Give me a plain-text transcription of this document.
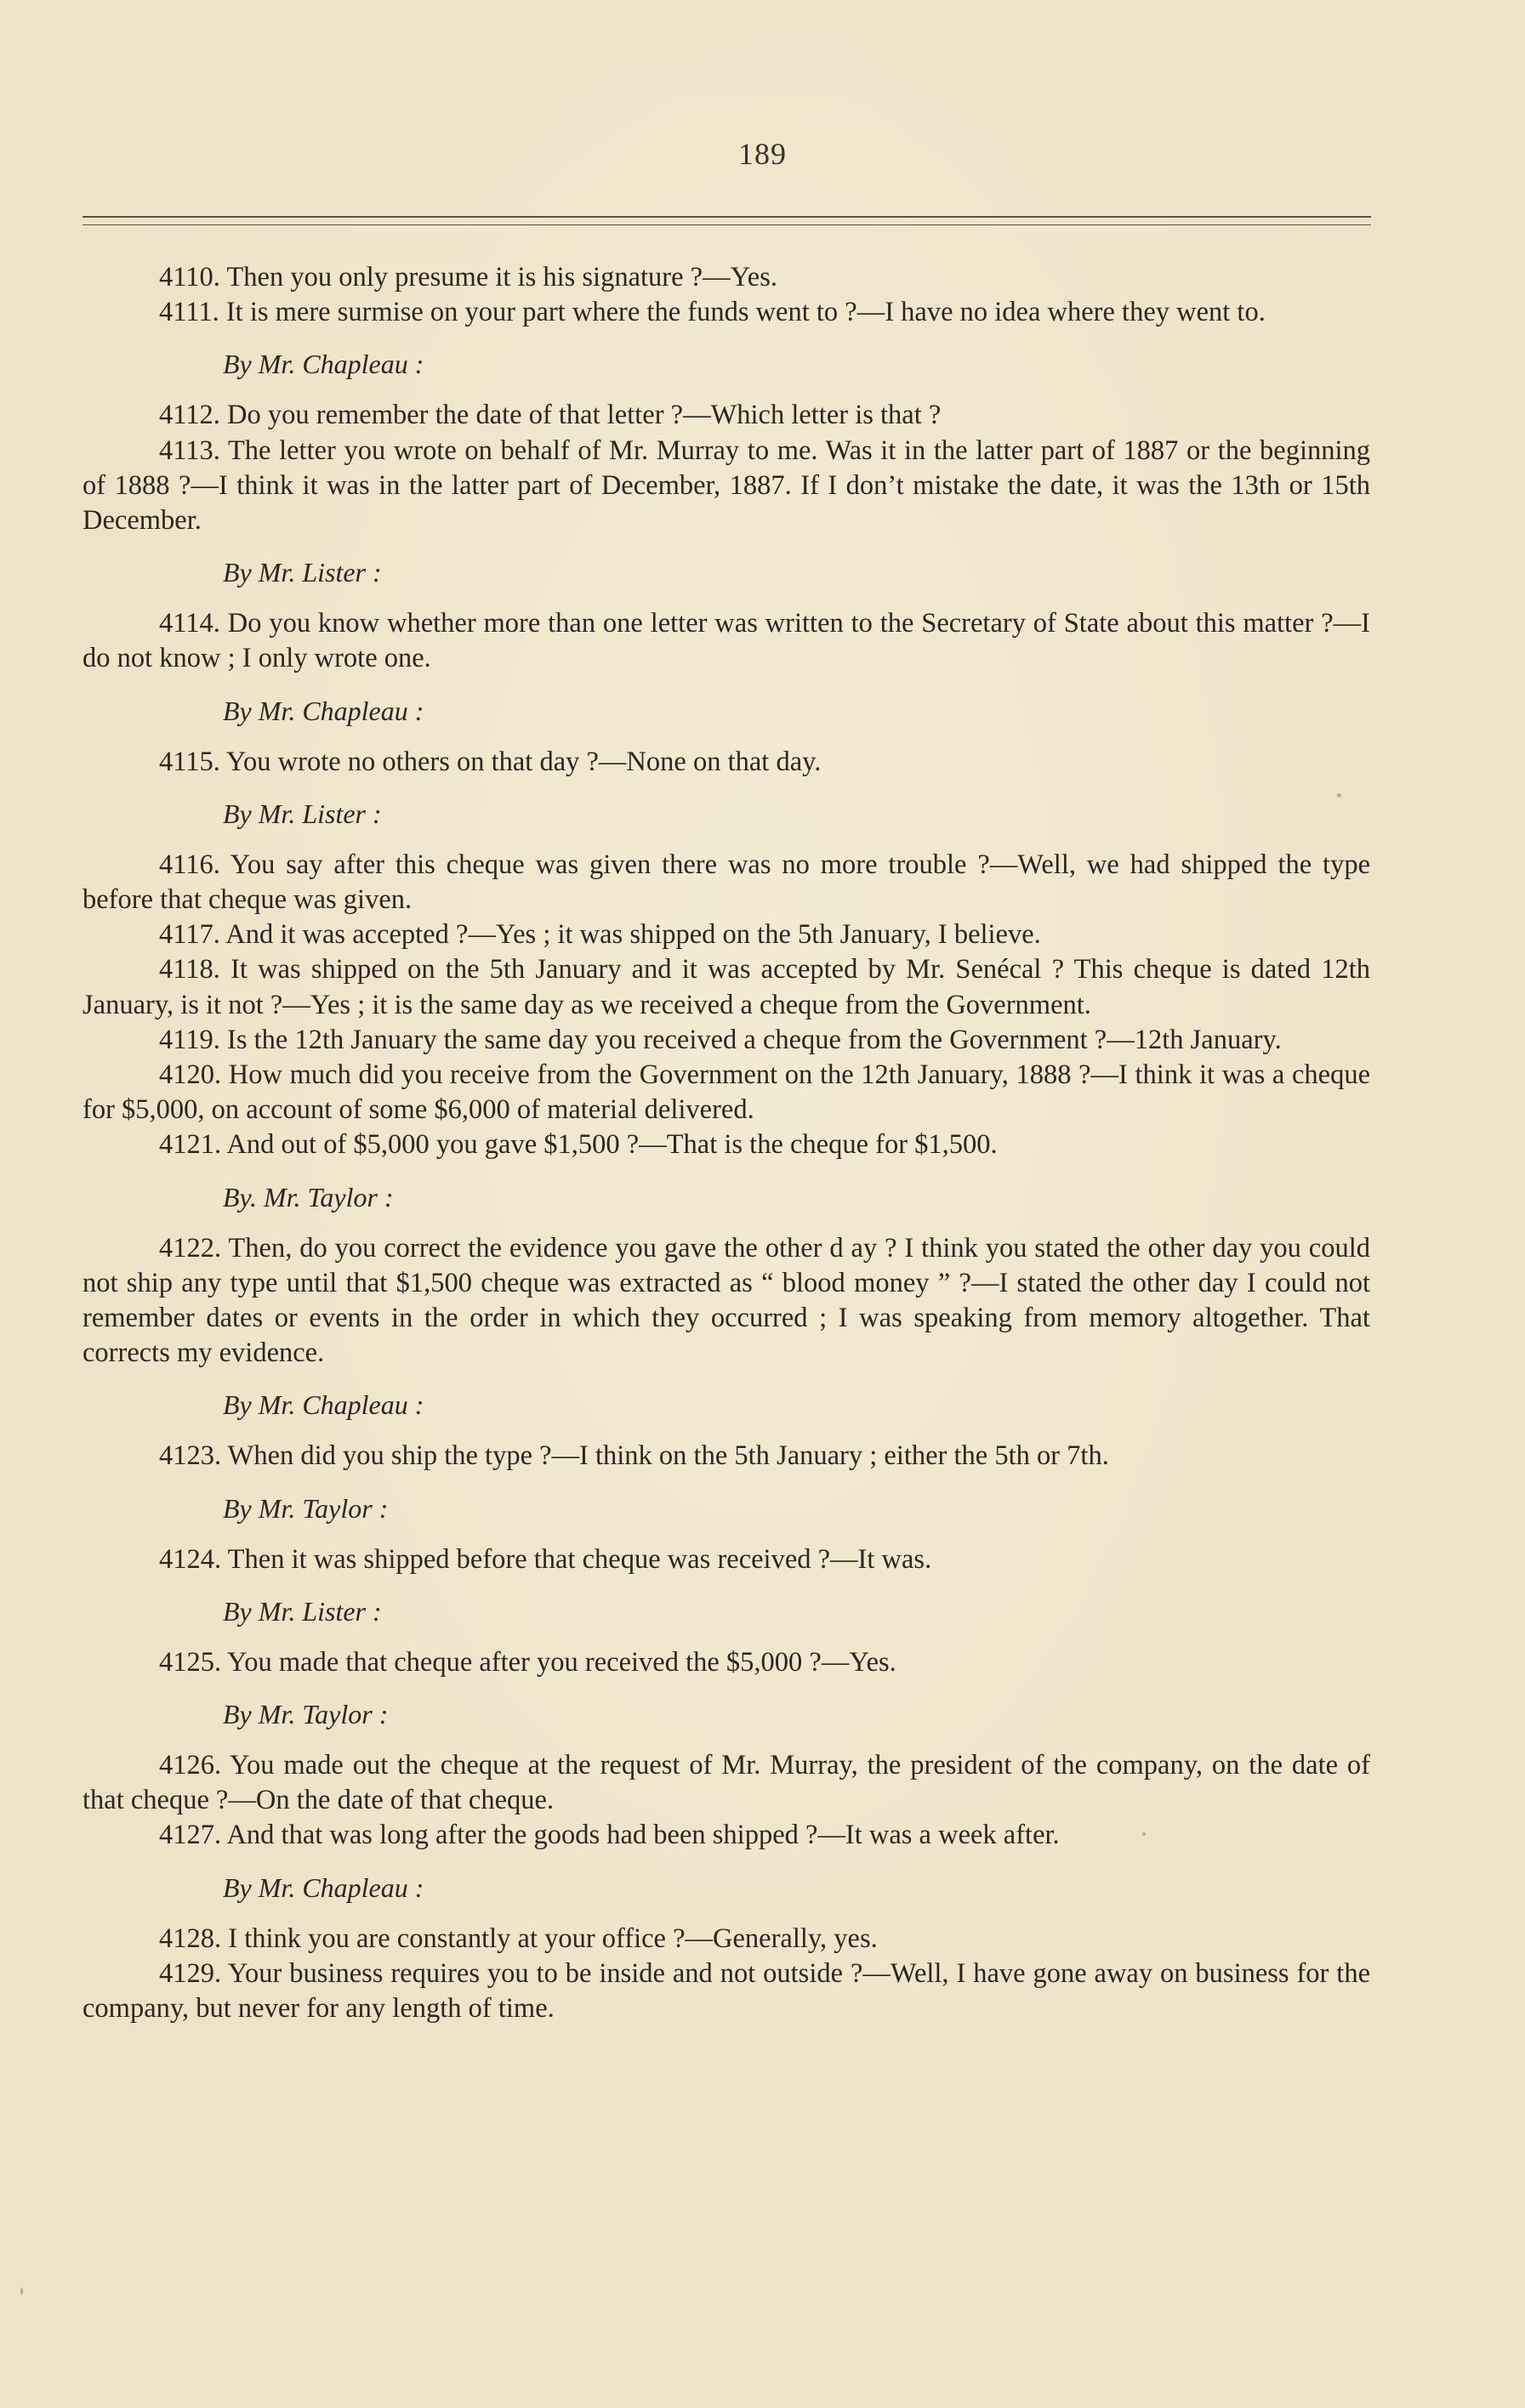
189

4110. Then you only presume it is his signature ?—Yes.

4111. It is mere surmise on your part where the funds went to ?—I have no idea where they went to.

By Mr. Chapleau :

4112. Do you remember the date of that letter ?—Which letter is that ?

4113. The letter you wrote on behalf of Mr. Murray to me. Was it in the latter part of 1887 or the beginning of 1888 ?—I think it was in the latter part of December, 1887. If I don’t mistake the date, it was the 13th or 15th December.

By Mr. Lister :

4114. Do you know whether more than one letter was written to the Secretary of State about this matter ?—I do not know ; I only wrote one.

By Mr. Chapleau :

4115. You wrote no others on that day ?—None on that day.

By Mr. Lister :

4116. You say after this cheque was given there was no more trouble ?—Well, we had shipped the type before that cheque was given.

4117. And it was accepted ?—Yes ; it was shipped on the 5th January, I believe.

4118. It was shipped on the 5th January and it was accepted by Mr. Senécal ? This cheque is dated 12th January, is it not ?—Yes ; it is the same day as we received a cheque from the Government.

4119. Is the 12th January the same day you received a cheque from the Government ?—12th January.

4120. How much did you receive from the Government on the 12th January, 1888 ?—I think it was a cheque for $5,000, on account of some $6,000 of material delivered.

4121. And out of $5,000 you gave $1,500 ?—That is the cheque for $1,500.

By. Mr. Taylor :

4122. Then, do you correct the evidence you gave the other d ay ? I think you stated the other day you could not ship any type until that $1,500 cheque was extracted as “ blood money ” ?—I stated the other day I could not remember dates or events in the order in which they occurred ; I was speaking from memory altogether. That corrects my evidence.

By Mr. Chapleau :

4123. When did you ship the type ?—I think on the 5th January ; either the 5th or 7th.

By Mr. Taylor :

4124. Then it was shipped before that cheque was received ?—It was.

By Mr. Lister :

4125. You made that cheque after you received the $5,000 ?—Yes.

By Mr. Taylor :

4126. You made out the cheque at the request of Mr. Murray, the president of the company, on the date of that cheque ?—On the date of that cheque.

4127. And that was long after the goods had been shipped ?—It was a week after.

By Mr. Chapleau :

4128. I think you are constantly at your office ?—Generally, yes.

4129. Your business requires you to be inside and not outside ?—Well, I have gone away on business for the company, but never for any length of time.
